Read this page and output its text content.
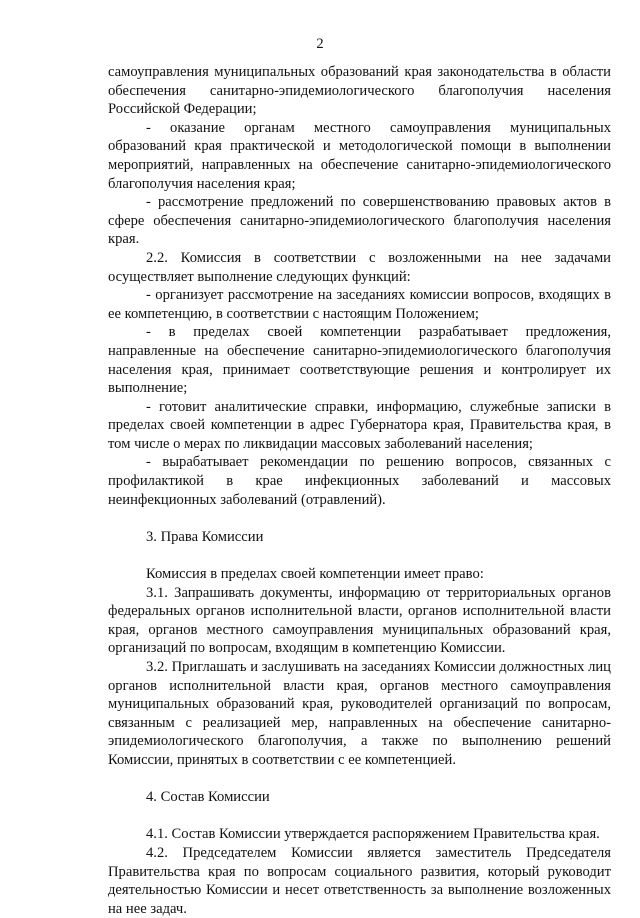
2

самоуправления муниципальных образований края законодательства в области обеспечения санитарно-эпидемиологического благополучия населения Российской Федерации;

- оказание органам местного самоуправления муниципальных образований края практической и методологической помощи в выполнении мероприятий, направленных на обеспечение санитарно-эпидемиологического благополучия населения края;

- рассмотрение предложений по совершенствованию правовых актов в сфере обеспечения санитарно-эпидемиологического благополучия населения края.

2.2. Комиссия в соответствии с возложенными на нее задачами осуществляет выполнение следующих функций:

- организует рассмотрение на заседаниях комиссии вопросов, входящих в ее компетенцию, в соответствии с настоящим Положением;

- в пределах своей компетенции разрабатывает предложения, направленные на обеспечение санитарно-эпидемиологического благополучия населения края, принимает соответствующие решения и контролирует их выполнение;

- готовит аналитические справки, информацию, служебные записки в пределах своей компетенции в адрес Губернатора края, Правительства края, в том числе о мерах по ликвидации массовых заболеваний населения;

- вырабатывает рекомендации по решению вопросов, связанных с профилактикой в крае инфекционных заболеваний и массовых неинфекционных заболеваний (отравлений).

3. Права Комиссии

Комиссия в пределах своей компетенции имеет право:

3.1. Запрашивать документы, информацию от территориальных органов федеральных органов исполнительной власти, органов исполнительной власти края, органов местного самоуправления муниципальных образований края, организаций по вопросам, входящим в компетенцию Комиссии.

3.2. Приглашать и заслушивать на заседаниях Комиссии должностных лиц органов исполнительной власти края, органов местного самоуправления муниципальных образований края, руководителей организаций по вопросам, связанным с реализацией мер, направленных на обеспечение санитарно-эпидемиологического благополучия, а также по выполнению решений Комиссии, принятых в соответствии с ее компетенцией.

4. Состав Комиссии

4.1. Состав Комиссии утверждается распоряжением Правительства края.

4.2. Председателем Комиссии является заместитель Председателя Правительства края по вопросам социального развития, который руководит деятельностью Комиссии и несет ответственность за выполнение возложенных на нее задач.
